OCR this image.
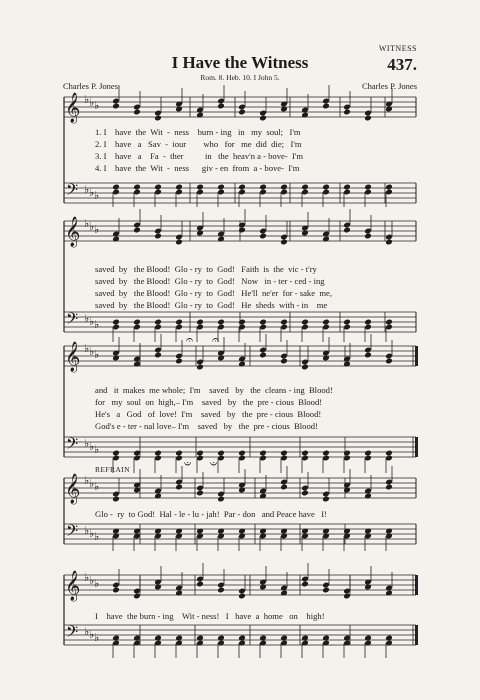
WITNESS
I Have the Witness	437.
Rom. 8. Heb. 10. I John 5.
Charles P. Jones	Charles P. Jones
REFRAIN
𝄞
𝄢
♭
♭
♭
♭
♭
♭
𝄞
𝄢
♭
♭
♭
♭
♭
♭
𝄞
𝄢
♭
♭
♭
♭
♭
♭
𝄞
𝄢
♭
♭
♭
♭
♭
♭
𝄞
𝄢
♭
♭
♭
♭
♭
♭
𝄐 𝄐
𝄑 𝄑
1. I    have  the  Wit  -  ness    burn - ing   in   my  soul;   I'm
2. I    have   a   Sav  -  iour        who   for   me  did  die;   I'm
3. I    have   a    Fa  -  ther          in   the  heav'n a - bove-  I'm
4. I    have  the  Wit  -  ness      giv - en  from  a - bove-  I'm
saved  by   the Blood!  Glo - ry  to  God!   Faith  is  the  vic - t'ry
saved  by   the Blood!  Glo - ry  to  God!   Now   in - ter - ced - ing
saved  by   the Blood!  Glo - ry  to  God!   He'll  ne'er  for - sake  me,
saved  by   the Blood!  Glo - ry  to  God!   He  sheds  with - in    me
and   it  makes  me whole;  I'm    saved   by   the  cleans - ing  Blood!
for   my  soul  on  high,– I'm    saved   by   the  pre - cious  Blood!
He's   a   God   of  love!  I'm    saved   by   the  pre - cious  Blood!
God's e - ter - nal love– I'm    saved   by   the  pre - cious  Blood!
Glo -  ry  to God!  Hal - le - lu - jah!  Par - don   and Peace have   I!
I    have  the burn - ing    Wit - ness!   I   have  a  home   on    high!
